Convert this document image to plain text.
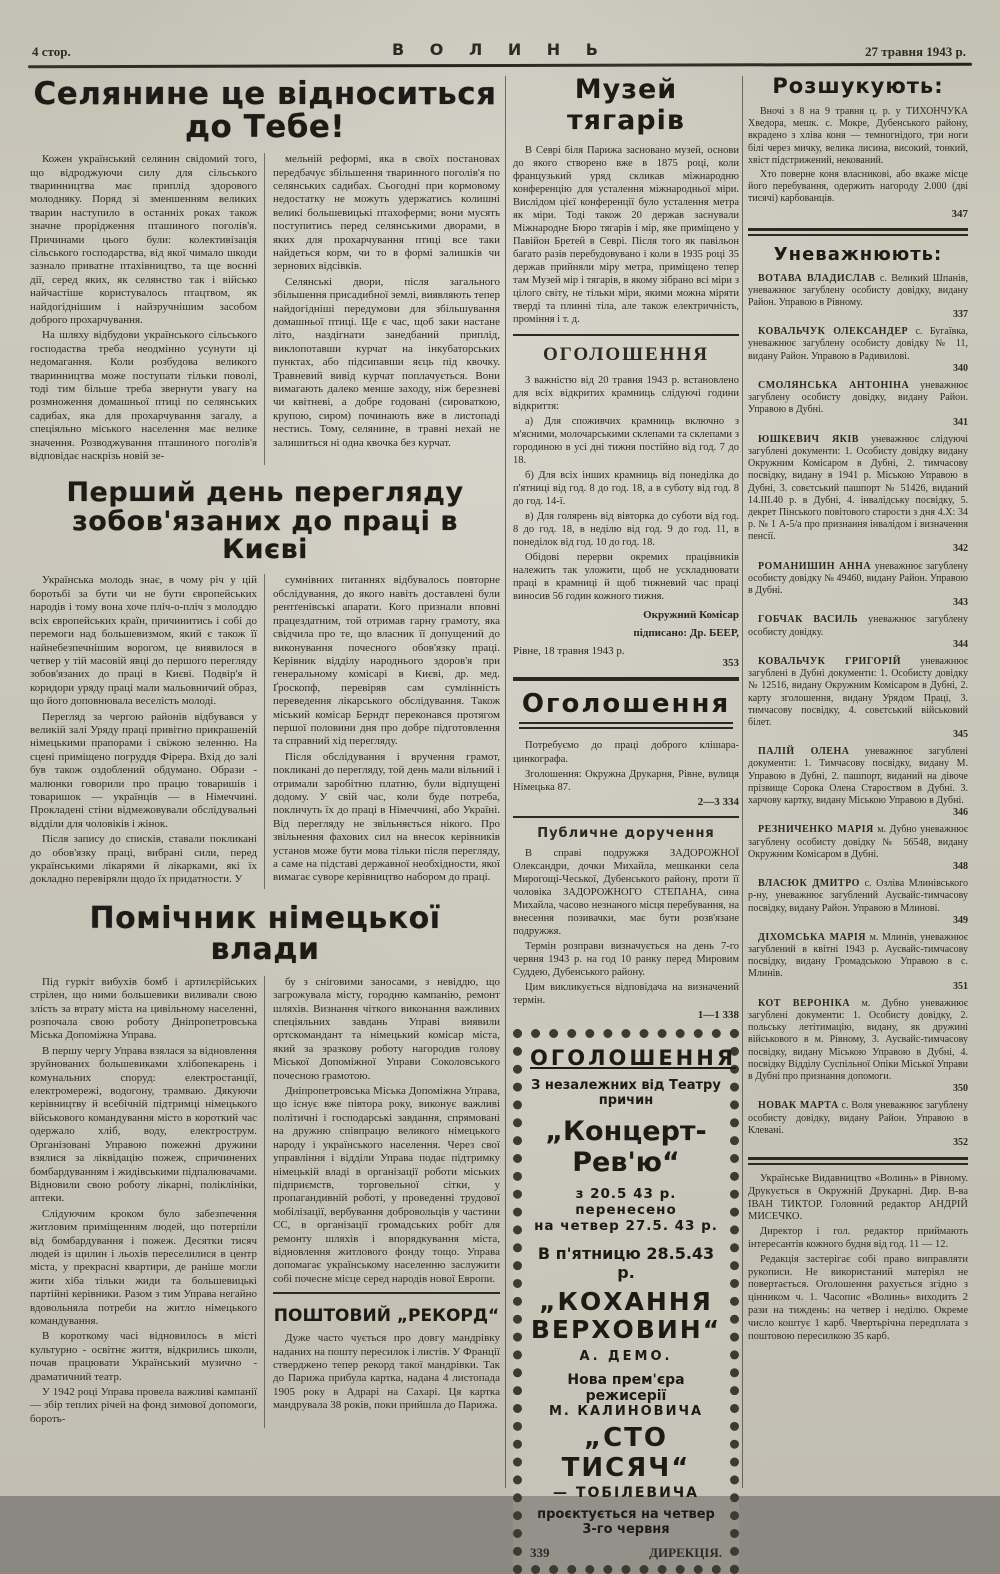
4 стор.	В О Л И Н Ь	27 травня 1943 р.
Селянине це відноситься до Тебе!

Кожен український селянин свідомий того, що відроджуючи силу для сільського тваринництва має приплід здорового молодняку. Поряд зі зменшенням великих тварин наступило в останніх роках також значне прорідження пташиного поголів'я. Причинами цього були: колективізація сільського господарства, від якої чимало шкоди зазнало приватне птахівництво, та ще воєнні дії, серед яких, як селянство так і військо найчастіше користувалось птацтвом, як найдогіднішим і найзручнішим засобом доброго прохарчування.

На шляху відбудови українського сільського господаства треба неодмінно усунути ці недомагання. Коли розбудова великого тваринництва може поступати тільки поволі, тоді тим більше треба звернути увагу на розмноження домашньої птиці по селянських садибах, яка для прохарчування загалу, а спеціяльно міського населення має велике значення. Розводжування пташиного поголів'я відповідає наскрізь новій зе-

мельній реформі, яка в своїх постановах передбачує збільшення тваринного поголів'я по селянських садибах. Сьогодні при кормовому недостатку не можуть удержатись колишні великі большевицькі птахоферми; вони мусять поступитись перед селянськими дворами, в яких для прохарчування птиці все таки найдеться корм, чи то в формі залишків чи зернових відсівків.

Селянські двори, після загального збільшення присадибної землі, виявляють тепер найдогідніші передумови для збільшування домашньої птиці. Ще є час, щоб заки настане літо, наздігнати занедбаний приплід, виклопотавши курчат на інкубаторських пунктах, або підсипавши яєць під квочку. Травневий вивід курчат поплачується. Вони вимагають далеко менше заходу, ніж березневі чи квітневі, а добре годовані (сироваткою, крупою, сиром) починають вже в листопаді нестись. Тому, селянине, в травні нехай не залишиться ні одна квочка без курчат.

Перший день перегляду
зобов'язаних до праці в Києві

Українська молодь знає, в чому річ у цій боротьбі за бути чи не бути європейських народів і тому вона хоче пліч-о-пліч з молоддю всіх європейських країн, причинитись і собі до перемоги над большевизмом, який є також її найнебезпечнішим ворогом, це виявилося в четвер у тій масовій явці до першого перегляду зобов'язаних до праці в Києві. Подвір'я й коридори уряду праці мали мальовничий образ, що його доповнювала веселість молоді.

Перегляд за чергою районів відбувався у великій залі Уряду праці привітно прикрашеній німецькими прапорами і свіжою зеленню. На сцені приміщено погруддя Фірера. Вхід до залі був також оздоблений обдумано. Образи - малюнки говорили про працю товаришів і товаришок — українців — в Німеччині. Прокладені стіни відмежовували обслідувальні відділи для чоловіків і жінок.

Після запису до списків, ставали покликані до обов'язку праці, вибрані сили, перед українськими лікарями й лікарками, які їх докладно перевіряли щодо їх придатности. У

сумнівних питаннях відбувалось повторне обслідування, до якого навіть доставлені були рентґенівські апарати. Кого признали вповні працездатним, той отримав гарну грамоту, яка свідчила про те, що власник її допущений до виконування почесного обов'язку праці. Керівник відділу народнього здоров'я при генеральному комісарі в Києві, др. мед. Ґроскопф, перевіряв сам сумлінність переведення лікарського обслідування. Також міський комісар Берндт переконався протягом першої половини дня про добре підготовлення та справний хід перегляду.

Після обслідування і вручення грамот, покликані до перегляду, той день мали вільний і отримали заробітню платню, були відпущені додому. У свій час, коли буде потреба, покличуть їх до праці в Німеччині, або Україні. Від перегляду не звільняється нікого. Про звільнення фахових сил на внесок керівників установ може бути мова тільки після перегляду, а саме на підставі державної необхідности, якої вимагає суворе керівництво набором до праці.

Помічник німецької влади

Під гуркіт вибухів бомб і артилєрійських стрілен, що ними большевики виливали свою злість за втрату міста на цивільному населенні, розпочала свою роботу Дніпропетровська Міська Допоміжна Управа.

В першу чергу Управа взялася за відновлення зруйнованих большевиками хлібопекарень і комунальних споруд: електростанції, електромережі, водогону, трамваю. Дякуючи керівництву й всебічній підтримці німецького військового командування місто в короткий час одержало хліб, воду, електрострум. Організовані Управою пожежні дружини взялися за ліквідацію пожеж, спричинених бомбардуванням і жидівськими підпалювачами. Відновили свою роботу лікарні, поліклініки, аптеки.

Слідуючим кроком було забезпечення житловим приміщенням людей, що потерпіли від бомбардування і пожеж. Десятки тисяч людей із щилин і льохів переселилися в центр міста, у прекрасні квартири, де раніше могли жити хіба тільки жиди та большевицькі партійні керівники. Разом з тим Управа негайно вдовольняла потреби на житло німецького командування.

В короткому часі відновилось в місті культурно - освітнє життя, відкрились школи, почав працювати Український музично - драматичний театр.

У 1942 році Управа провела важливі кампанії — збір теплих річей на фонд зимової допомоги, бороть-

бу з сніговими заносами, з невіддю, що загрожувала місту, городню кампанію, ремонт шляхів. Визнання чіткого виконання важливих спеціяльних завдань Управі виявили ортскомандант та німецький комісар міста, який за зразкову роботу нагородив голову Міської Допоміжної Управи Соколовського почесною грамотою.

Дніпропетровська Міська Допоміжна Управа, що існує вже півтора року, виконує важливі політичні і господарські завдання, спрямовані на дружню співпрацю великого німецького народу і українського населення. Через свої управління і відділи Управа подає підтримку німецькій владі в організації роботи міських підприємств, торговельної сітки, у пропагандивній роботі, у проведенні трудової мобілізації, вербування добровольців у частини СС, в організації громадських робіт для ремонту шляхів і впорядкування міста, відновлення житлового фонду тощо. Управа допомагає українському населенню заслужити собі почесне місце серед народів нової Европи.

ПОШТОВИЙ „РЕКОРД“

Дуже часто чується про довгу мандрівку наданих на пошту пересилок і листів. У Франції стверджено тепер рекорд такої мандрівки. Так до Парижа прибула картка, надана 4 листопада 1905 року в Адрарі на Сахарі. Ця картка мандрувала 38 років, поки прийшла до Парижа.

Музей тягарів

В Севрі біля Парижа засновано музей, основи до якого створено вже в 1875 році, коли французький уряд скликав міжнародню конференцію для усталення міжнародньої міри. Вислідом цієї конференції було усталення метра як міри. Тоді також 20 держав заснували Міжнародне Бюро тягарів і мір, яке приміщено у Павійон Бретей в Севрі. Після того як павільон багато разів перебудовувано і коли в 1935 році 35 держав прийняли міру метра, приміщено тепер там Музей мір і тягарів, в якому зібрано всі міри з цілого світу, не тільки міри, якими можна міряти тверді та плинні тіла, але також електричність, проміння і т. д.

ОГОЛОШЕННЯ

З важністю від 20 травня 1943 р. встановлено для всіх відкритих крамниць слідуючі години відкриття:

а) Для споживчих крамниць включно з м'ясними, молочарськими склепами та склепами з городиною в усі дні тижня постійно від год. 7 до 18.

б) Для всіх інших крамниць від понеділка до п'ятниці від год. 8 до год. 18, а в суботу від год. 8 до год. 14-ї.

в) Для голярень від вівторка до суботи від год. 8 до год. 18, в неділю від год. 9 до год. 11, в понеділок від год. 10 до год. 18.

Обідові перерви окремих працівників належить так уложити, щоб не ускладнювати праці в крамниці й щоб тижневий час праці виносив 56 годин кожного тижня.

Окружний Комісар
підписано: Др. БЕЕР,
Рівне, 18 травня 1943 р.
353
Оголошення

Потребуємо до праці доброго клішара-цинкографа.

Зголошення: Окружна Друкарня, Рівне, вулиця Німецька 87.

2—3 334
Публичне доручення

В справі подружжя ЗАДОРОЖНОЇ Олександри, дочки Михайла, мешканки села Мирогощі-Чеської, Дубенського району, проти її чоловіка ЗАДОРОЖНОГО СТЕПАНА, сина Михайла, часово незнаного місця перебування, на внесення позивачки, має бути розв'язане подружжя.

Термін розправи визначується на день 7-го червня 1943 р. на год 10 ранку перед Мировим Суддею, Дубенського району.

Цим викликується відповідача на визначений термін.

1—1 338
ОГОЛОШЕННЯ
З незалежних від Театру причин
„Концерт-Рев'ю“
з 20.5 43 р. перенесено
на четвер 27.5. 43 р.
В п'ятницю 28.5.43 р.
„КОХАННЯ
ВЕРХОВИН“
А. ДЕМО.
Нова прем'єра режисерії
М. КАЛИНОВИЧА
„СТО ТИСЯЧ“
— ТОБІЛЕВИЧА
проєктується на четвер
3-го червня
339	ДИРЕКЦІЯ.
Розшукують:

Вночі з 8 на 9 травня ц. р. у ТИХОНЧУКА Хведора, мешк. с. Мокре, Дубенського району, вкрадено з хліва коня — темногнідого, три ноги білі через мичку, велика лисина, високий, тонкий, хвіст підстрижений, некований.

Хто поверне коня власникові, або вкаже місце його перебування, одержить нагороду 2.000 (дві тисячі) карбованців.

347
Уневажнюють:

ВОТАВА ВЛАДИСЛАВ с. Великий Шпанів, уневажнює загублену особисту довідку, видану Район. Управою в Рівному.

337

КОВАЛЬЧУК ОЛЕКСАНДЕР с. Бугаївка, уневажнює загублену особисту довідку № 11, видану Район. Управою в Радивилові.

340

СМОЛЯНСЬКА АНТОНІНА уневажнює загублену особисту довідку, видану Район. Управою в Дубні.

341

ЮШКЕВИЧ ЯКІВ уневажнює слідуючі загублені документи: 1. Особисту довідку видану Окружним Комісаром в Дубні, 2. тимчасову посвідку, видану в 1941 р. Міською Управою в Дубні, 3. совєтський пашпорт № 51426, виданий 14.ІІІ.40 р. в Дубні, 4. інвалідську посвідку, 5. декрет Пінського повітового старости з дня 4.X: 34 р. № 1 А-5/а про признання інвалідом і визначення пенсії.

342

РОМАНИШИН АННА уневажнює загублену особисту довідку № 49460, видану Район. Управою в Дубні.

343

ГОБЧАК ВАСИЛЬ уневажнює загублену особисту довідку.

344

КОВАЛЬЧУК ГРИГОРІЙ уневажнює загублені в Дубні документи: 1. Особисту довідку № 12516, видану Окружним Комісаром в Дубні, 2. карту зголошення, видану Урядом Праці, 3. тимчасову посвідку, 4. совєтський військовий білет.

345

ПАЛІЙ ОЛЕНА уневажнює загублені документи: 1. Тимчасову посвідку, видану М. Управою в Дубні, 2. пашпорт, виданий на дівоче прізвище Сорока Олена Староством в Дубні. 3. харчову картку, видану Міською Управою в Дубні.

346

РЕЗНИЧЕНКО МАРІЯ м. Дубно уневажнює загублену особисту довідку № 56548, видану Окружним Комісаром в Дубні.

348

ВЛАСЮК ДМИТРО с. Озліва Млинівського р-ну, уневажнює загублений Аусвайс-тимчасову посвідку, видану Район. Управою в Млинові.

349

ДІХОМСЬКА МАРІЯ м. Млинів, уневажнює загублений в квітні 1943 р. Аусвайс-тимчасову посвідку, видану Громадською Управою в с. Млинів.

351

КОТ ВЕРОНІКА м. Дубно уневажнює загублені документи: 1. Особисту довідку, 2. польську летітимацію, видану, як дружині військового в м. Рівному, 3. Аусвайс-тимчасову посвідку, видану Міською Управою в Дубні, 4. посвідку Відділу Суспільної Опіки Міської Управи в Дубні про признання допомоги.

350

НОВАК МАРТА с. Воля уневажнює загублену особисту довідку, видану Район. Управою в Клевані.

352

Українське Видавництво «Волинь» в Рівному. Друкується в Окружній Друкарні. Дир. В-ва ІВАН ТИКТОР. Головний редактор АНДРІЙ МИСЕЧКО.

Директор і гол. редактор приймають інтересантів кожного будня від год. 11 — 12.

Редакція застерігає собі право виправляти рукописи. Не використаний матеріял не повертається. Оголошення рахується згідно з цінником ч. 1. Часопис «Волинь» виходить 2 рази на тиждень: на четвер і неділю. Окреме число коштує 1 карб. Чвертьрічна передплата з поштовою пересилкою 35 карб.
